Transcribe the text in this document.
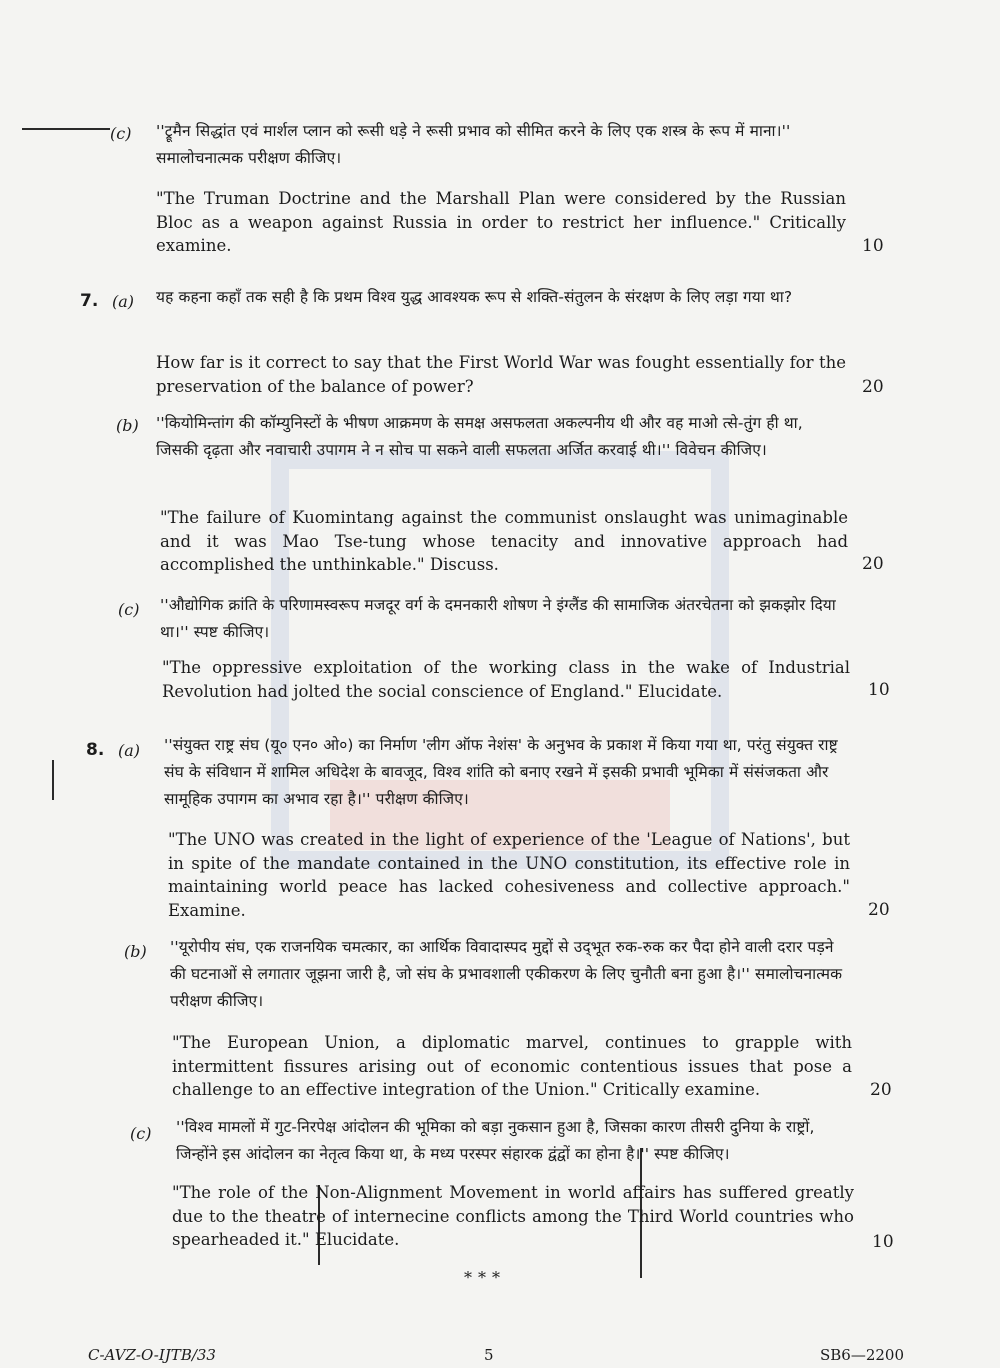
(c) ''ट्रूमैन सिद्धांत एवं मार्शल प्लान को रूसी धड़े ने रूसी प्रभाव को सीमित करने के लिए एक शस्त्र के रूप में माना।'' समालोचनात्मक परीक्षण कीजिए।
"The Truman Doctrine and the Marshall Plan were considered by the Russian Bloc as a weapon against Russia in order to restrict her influence." Critically examine.	10
7. (a) यह कहना कहाँ तक सही है कि प्रथम विश्व युद्ध आवश्यक रूप से शक्ति-संतुलन के संरक्षण के लिए लड़ा गया था?
How far is it correct to say that the First World War was fought essentially for the preservation of the balance of power?	20
(b) ''कियोमिन्तांग की कॉम्युनिस्टों के भीषण आक्रमण के समक्ष असफलता अकल्पनीय थी और वह माओ त्से-तुंग ही था, जिसकी दृढ़ता और नवाचारी उपागम ने न सोच पा सकने वाली सफलता अर्जित करवाई थी।'' विवेचन कीजिए।
"The failure of Kuomintang against the communist onslaught was unimaginable and it was Mao Tse-tung whose tenacity and innovative approach had accomplished the unthinkable." Discuss.	20
(c) ''औद्योगिक क्रांति के परिणामस्वरूप मजदूर वर्ग के दमनकारी शोषण ने इंग्लैंड की सामाजिक अंतरचेतना को झकझोर दिया था।'' स्पष्ट कीजिए।
"The oppressive exploitation of the working class in the wake of Industrial Revolution had jolted the social conscience of England." Elucidate.	10
8. (a) ''संयुक्त राष्ट्र संघ (यू० एन० ओ०) का निर्माण 'लीग ऑफ नेशंस' के अनुभव के प्रकाश में किया गया था, परंतु संयुक्त राष्ट्र संघ के संविधान में शामिल अधिदेश के बावजूद, विश्व शांति को बनाए रखने में इसकी प्रभावी भूमिका में संसंजकता और सामूहिक उपागम का अभाव रहा है।'' परीक्षण कीजिए।
"The UNO was created in the light of experience of the 'League of Nations', but in spite of the mandate contained in the UNO constitution, its effective role in maintaining world peace has lacked cohesiveness and collective approach." Examine.	20
(b) ''यूरोपीय संघ, एक राजनयिक चमत्कार, का आर्थिक विवादास्पद मुद्दों से उद्‌भूत रुक-रुक कर पैदा होने वाली दरार पड़ने की घटनाओं से लगातार जूझना जारी है, जो संघ के प्रभावशाली एकीकरण के लिए चुनौती बना हुआ है।'' समालोचनात्मक परीक्षण कीजिए।
"The European Union, a diplomatic marvel, continues to grapple with intermittent fissures arising out of economic contentious issues that pose a challenge to an effective integration of the Union." Critically examine.	20
(c) ''विश्व मामलों में गुट-निरपेक्ष आंदोलन की भूमिका को बड़ा नुकसान हुआ है, जिसका कारण तीसरी दुनिया के राष्ट्रों, जिन्होंने इस आंदोलन का नेतृत्व किया था, के मध्य परस्पर संहारक द्वंद्वों का होना है।'' स्पष्ट कीजिए।
"The role of the Non-Alignment Movement in world affairs has suffered greatly due to the theatre of internecine conflicts among the Third World countries who spearheaded it." Elucidate.	10
***
C-AVZ-O-IJTB/33	5	SB6—2200
